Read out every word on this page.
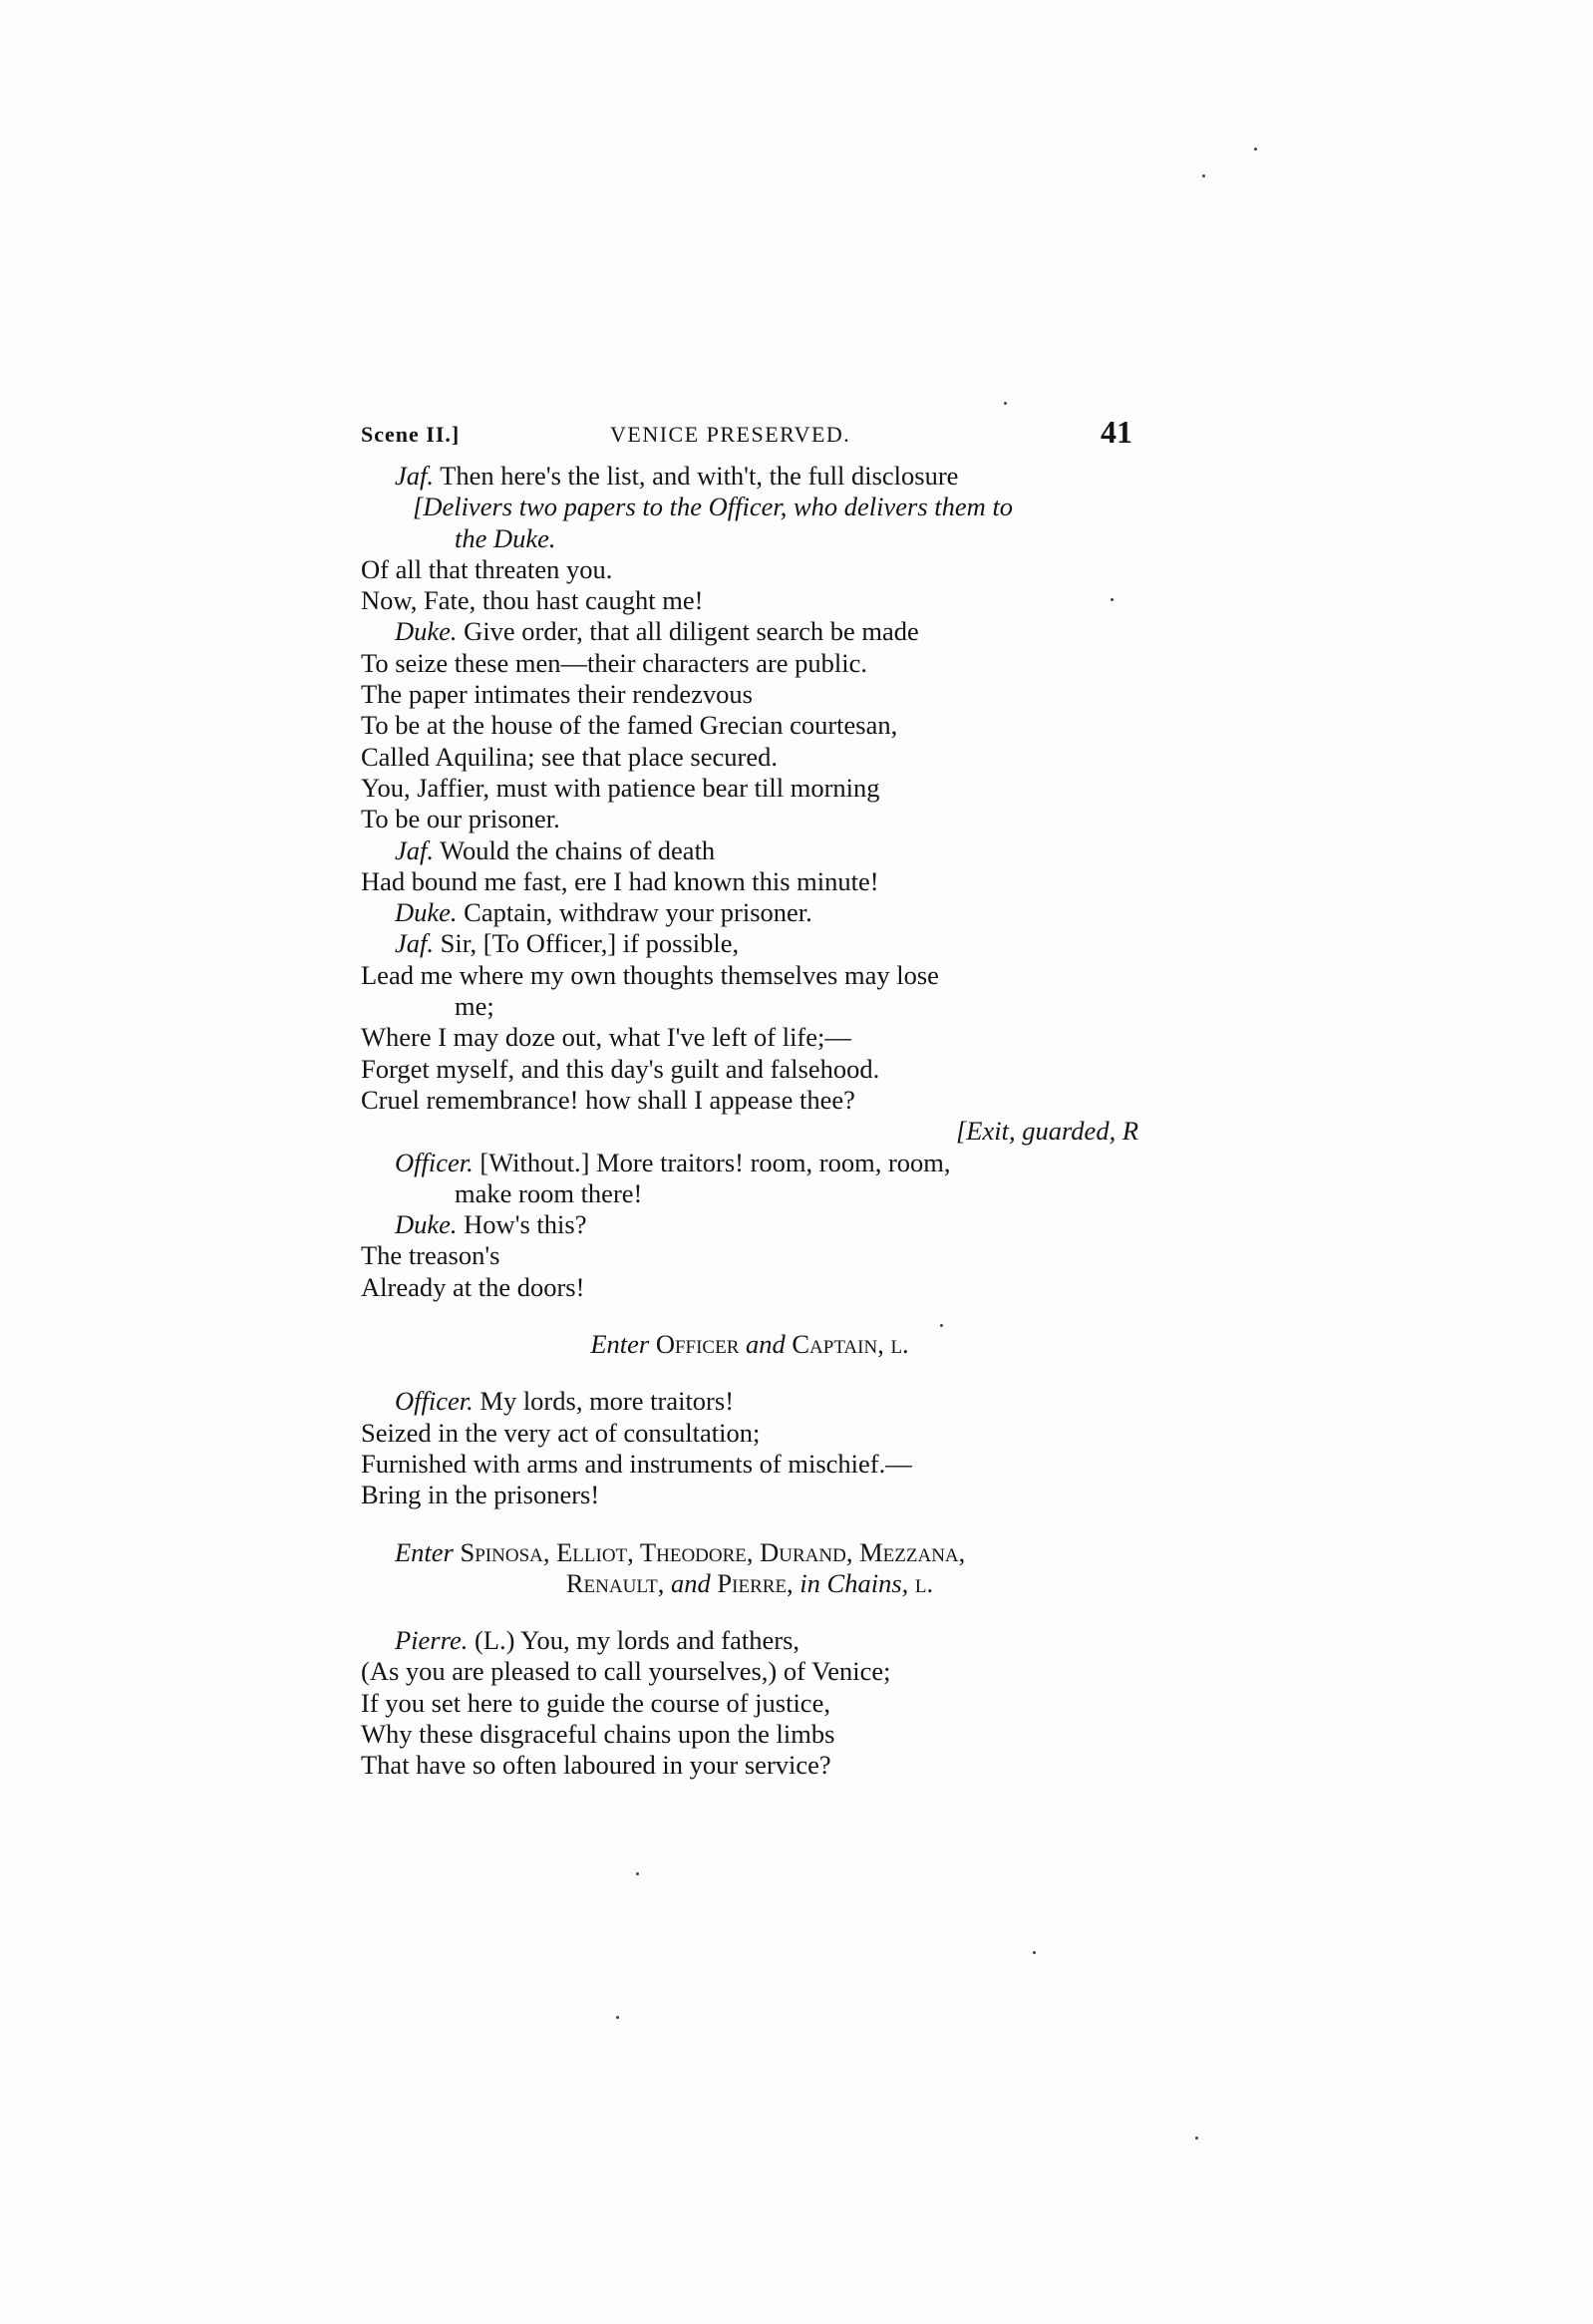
Scene II.]	VENICE PRESERVED.	41
Jaf. Then here's the list, and with't, the full disclosure
[Delivers two papers to the Officer, who delivers them to
the Duke.
Of all that threaten you.
Now, Fate, thou hast caught me!
Duke. Give order, that all diligent search be made
To seize these men—their characters are public.
The paper intimates their rendezvous
To be at the house of the famed Grecian courtesan,
Called Aquilina; see that place secured.
You, Jaffier, must with patience bear till morning
To be our prisoner.
Jaf. Would the chains of death
Had bound me fast, ere I had known this minute!
Duke. Captain, withdraw your prisoner.
Jaf. Sir, [To Officer,] if possible,
Lead me where my own thoughts themselves may lose
me;
Where I may doze out, what I've left of life;—
Forget myself, and this day's guilt and falsehood.
Cruel remembrance! how shall I appease thee?
[Exit, guarded, R
Officer. [Without.] More traitors! room, room, room,
make room there!
Duke. How's this?
The treason's
Already at the doors!
Enter Officer and Captain, l.
Officer. My lords, more traitors!
Seized in the very act of consultation;
Furnished with arms and instruments of mischief.—
Bring in the prisoners!
Enter Spinosa, Elliot, Theodore, Durand, Mezzana,
Renault, and Pierre, in Chains, l.
Pierre. (L.) You, my lords and fathers,
(As you are pleased to call yourselves,) of Venice;
If you set here to guide the course of justice,
Why these disgraceful chains upon the limbs
That have so often laboured in your service?
